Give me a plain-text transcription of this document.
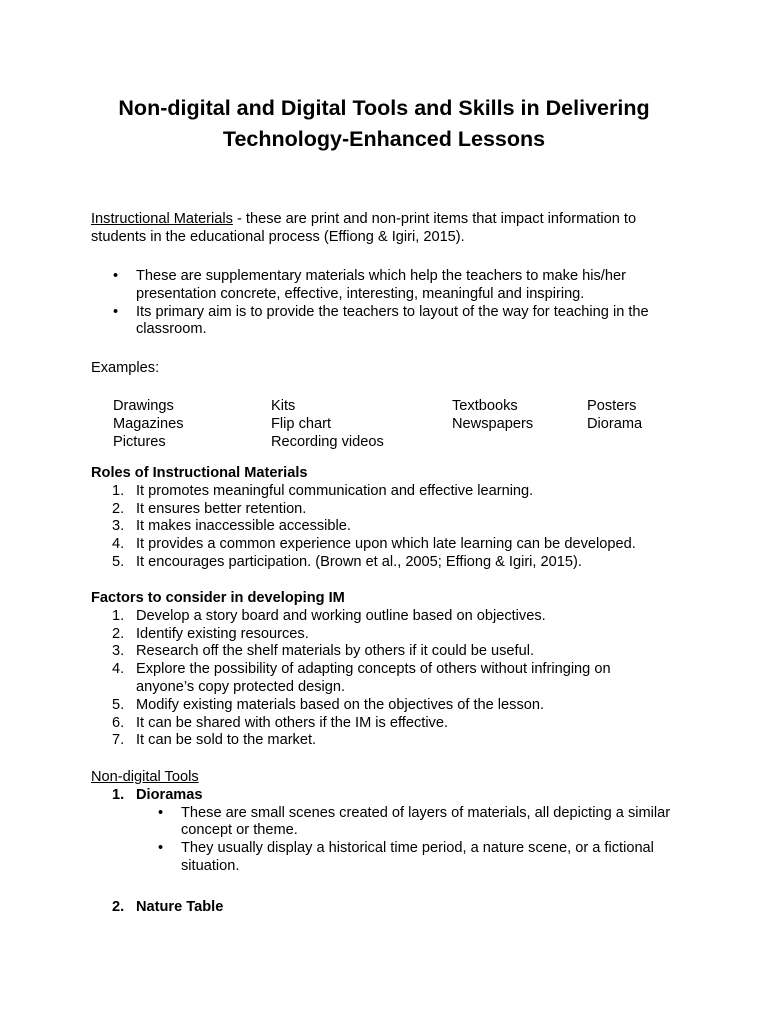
Non-digital and Digital Tools and Skills in Delivering Technology-Enhanced Lessons
Instructional Materials - these are print and non-print items that impact information to students in the educational process (Effiong & Igiri, 2015).
• These are supplementary materials which help the teachers to make his/her presentation concrete, effective, interesting, meaningful and inspiring.
• Its primary aim is to provide the teachers to layout of the way for teaching in the classroom.
Examples:
Drawings
Magazines
Pictures
Kits
Flip chart
Recording videos
Textbooks
Newspapers
Posters
Diorama
Roles of Instructional Materials
1. It promotes meaningful communication and effective learning.
2. It ensures better retention.
3. It makes inaccessible accessible.
4. It provides a common experience upon which late learning can be developed.
5. It encourages participation. (Brown et al., 2005; Effiong & Igiri, 2015).
Factors to consider in developing IM
1. Develop a story board and working outline based on objectives.
2. Identify existing resources.
3. Research off the shelf materials by others if it could be useful.
4. Explore the possibility of adapting concepts of others without infringing on anyone’s copy protected design.
5. Modify existing materials based on the objectives of the lesson.
6. It can be shared with others if the IM is effective.
7. It can be sold to the market.
Non-digital Tools
1. Dioramas
• These are small scenes created of layers of materials, all depicting a similar concept or theme.
• They usually display a historical time period, a nature scene, or a fictional situation.
2. Nature Table
